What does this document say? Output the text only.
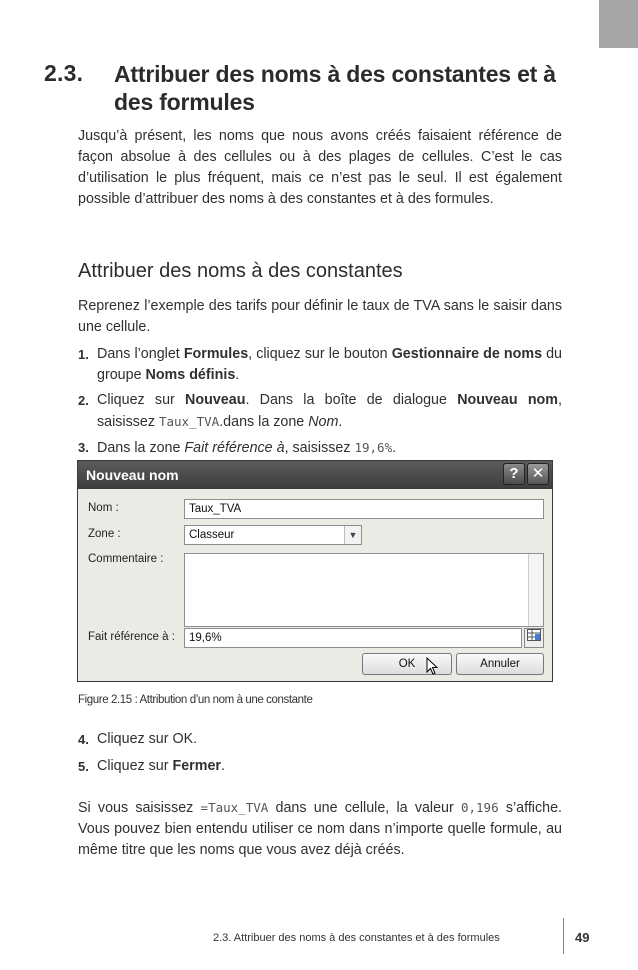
2.3. Attribuer des noms à des constantes et à des formules
Jusqu’à présent, les noms que nous avons créés faisaient référence de façon absolue à des cellules ou à des plages de cellules. C’est le cas d’utilisation le plus fréquent, mais ce n’est pas le seul. Il est également possible d’attribuer des noms à des constantes et à des formules.
Attribuer des noms à des constantes
Reprenez l’exemple des tarifs pour définir le taux de TVA sans le saisir dans une cellule.
1. Dans l’onglet Formules, cliquez sur le bouton Gestionnaire de noms du groupe Noms définis.
2. Cliquez sur Nouveau. Dans la boîte de dialogue Nouveau nom, saisissez Taux_TVA.dans la zone Nom.
3. Dans la zone Fait référence à, saisissez 19,6%.
Nouveau nom	? ✕
Nom :	Taux_TVA
Zone :	Classeur	▼
Commentaire :
Fait référence à :	19,6%
OK	Annuler
Figure 2.15 : Attribution d’un nom à une constante
4. Cliquez sur OK.
5. Cliquez sur Fermer.
Si vous saisissez =Taux_TVA dans une cellule, la valeur 0,196 s’affiche. Vous pouvez bien entendu utiliser ce nom dans n’importe quelle formule, au même titre que les noms que vous avez déjà créés.
2.3. Attribuer des noms à des constantes et à des formules	49
